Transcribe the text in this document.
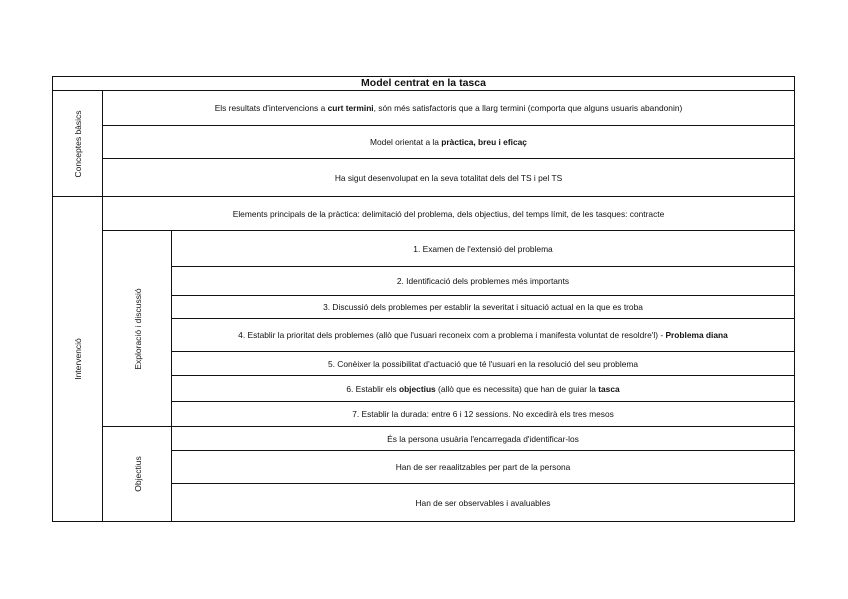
Model centrat en la tasca
Conceptes bàsics
Els resultats d'intervencions a curt termini, són més satisfactoris que a llarg termini (comporta que alguns usuaris abandonin)
Model orientat a la pràctica, breu i eficaç
Ha sigut desenvolupat en la seva totalitat dels del TS i pel TS
Intervenció
Elements principals de la pràctica: delimitació del problema, dels objectius, del temps límit, de les tasques: contracte
Exploració i discussió
1. Examen de l'extensió del problema
2. Identificació dels problemes més importants
3. Discussió dels problemes per establir la severitat i situació actual en la que es troba
4. Establir la prioritat dels problemes (allò que l'usuari reconeix com a problema i manifesta voluntat de resoldre'l) - Problema diana
5. Conèixer la possibilitat d'actuació que té l'usuari en la resolució del seu problema
6. Establir els objectius (allò que es necessita) que han de guiar la tasca
7. Establir la durada: entre 6 i 12 sessions. No excedirà els tres mesos
Objectius
És la persona usuària l'encarregada d'identificar-los
Han de ser reaalitzables per part de la persona
Han de ser observables i avaluables
